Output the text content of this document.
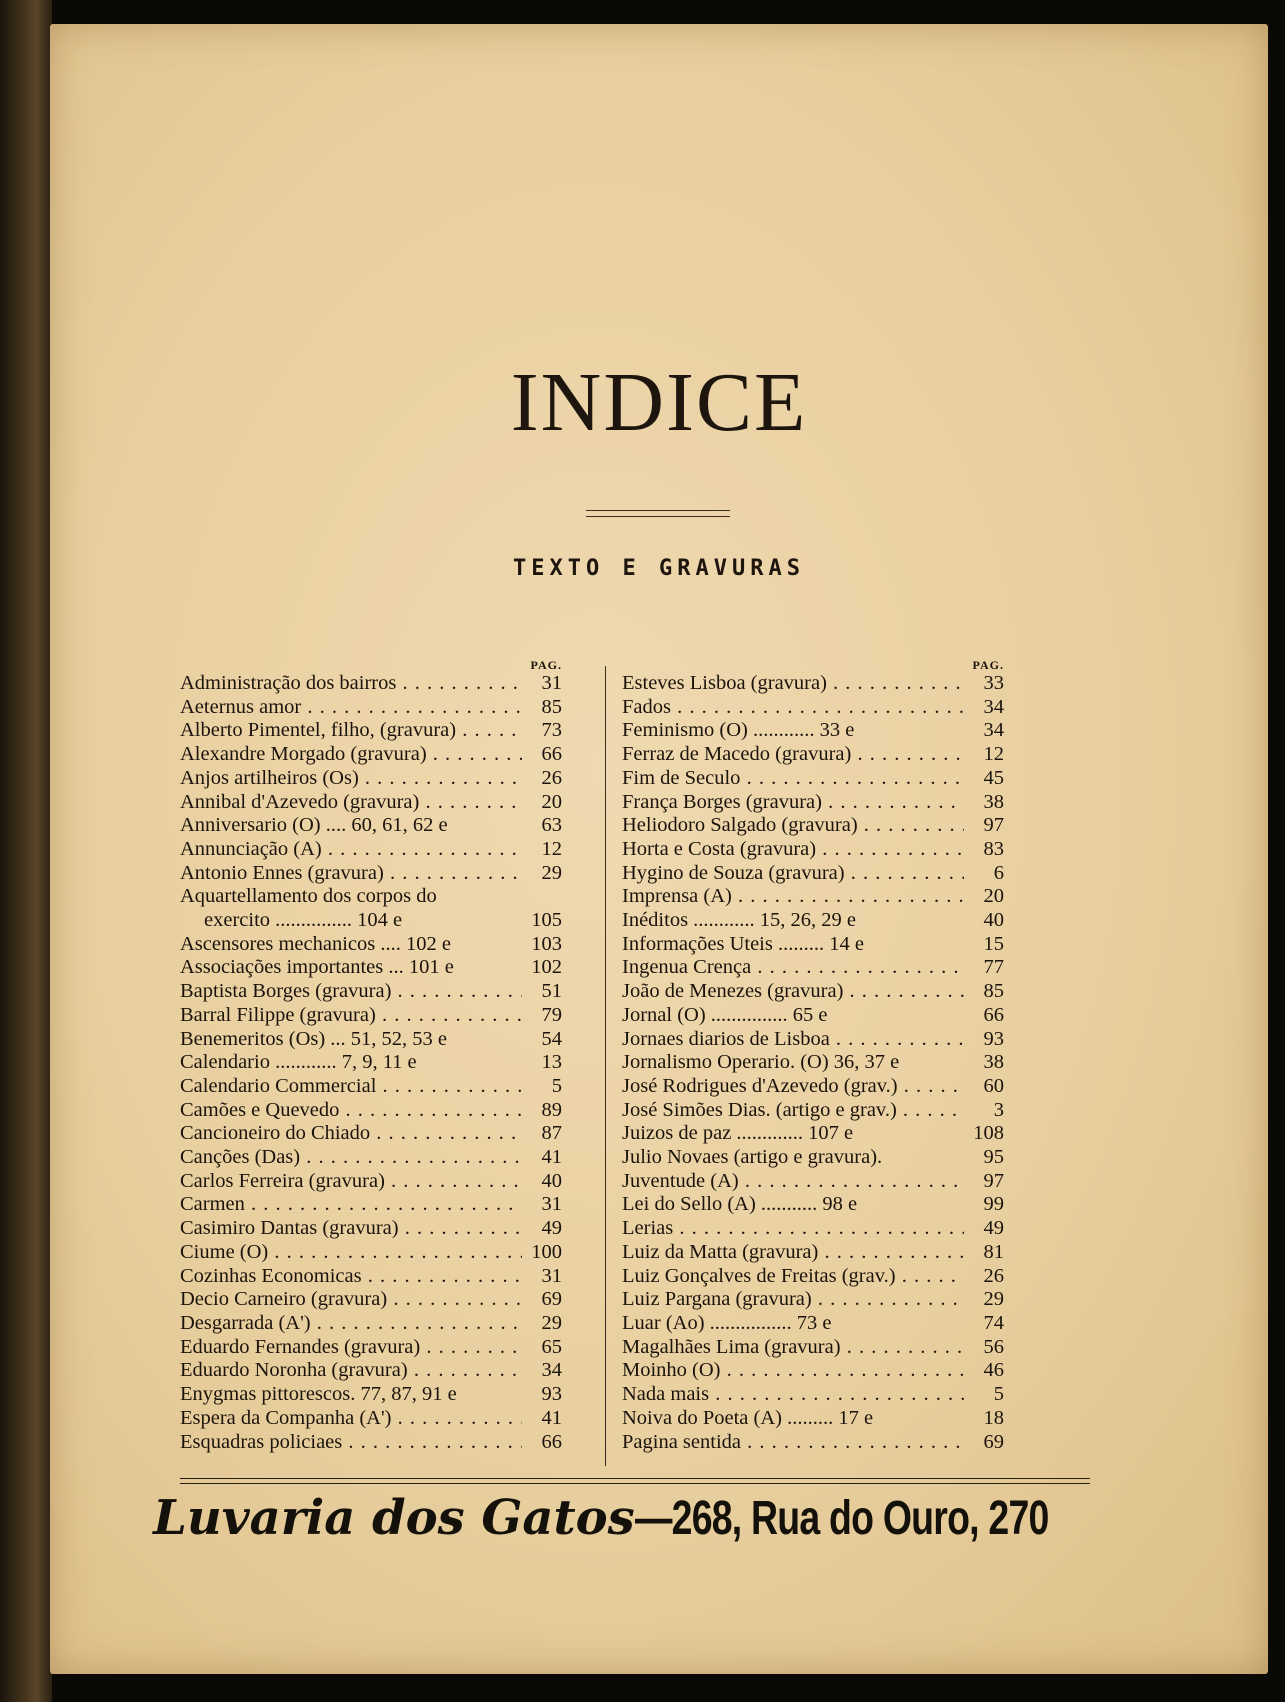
INDICE
TEXTO E GRAVURAS
PAG.
Administração dos bairros . . .	31
Aeternus amor . . .	85
Alberto Pimentel, filho, (gravura) . . .	73
Alexandre Morgado (gravura) . . .	66
Anjos artilheiros (Os) . . .	26
Annibal d'Azevedo (gravura) . . .	20
Anniversario (O) .... 60, 61, 62 e	63
Annunciação (A) . . .	12
Antonio Ennes (gravura) . . .	29
Aquartellamento dos corpos do
exercito ............... 104 e	105
Ascensores mechanicos .... 102 e	103
Associações importantes ... 101 e	102
Baptista Borges (gravura) . . .	51
Barral Filippe (gravura) . . .	79
Benemeritos (Os) ... 51, 52, 53 e	54
Calendario ............ 7, 9, 11 e	13
Calendario Commercial . . .	5
Camões e Quevedo . . .	89
Cancioneiro do Chiado . . .	87
Canções (Das) . . .	41
Carlos Ferreira (gravura) . . .	40
Carmen . . .	31
Casimiro Dantas (gravura) . . .	49
Ciume (O) . . .	100
Cozinhas Economicas . . .	31
Decio Carneiro (gravura) . . .	69
Desgarrada (A') . . .	29
Eduardo Fernandes (gravura) . . .	65
Eduardo Noronha (gravura) . . .	34
Enygmas pittorescos. 77, 87, 91 e	93
Espera da Companha (A') . . .	41
Esquadras policiaes . . .	66
PAG.
Esteves Lisboa (gravura) . . .	33
Fados . . .	34
Feminismo (O) ............ 33 e	34
Ferraz de Macedo (gravura) . . .	12
Fim de Seculo . . .	45
França Borges (gravura) . . .	38
Heliodoro Salgado (gravura) . . .	97
Horta e Costa (gravura) . . .	83
Hygino de Souza (gravura) . . .	6
Imprensa (A) . . .	20
Inéditos ............ 15, 26, 29 e	40
Informações Uteis ......... 14 e	15
Ingenua Crença . . .	77
João de Menezes (gravura) . . .	85
Jornal (O) ............... 65 e	66
Jornaes diarios de Lisboa . . .	93
Jornalismo Operario. (O) 36, 37 e	38
José Rodrigues d'Azevedo (grav.) . . .	60
José Simões Dias. (artigo e grav.) . . .	3
Juizos de paz ............. 107 e	108
Julio Novaes (artigo e gravura).	95
Juventude (A) . . .	97
Lei do Sello (A) ........... 98 e	99
Lerias . . .	49
Luiz da Matta (gravura) . . .	81
Luiz Gonçalves de Freitas (grav.) . . .	26
Luiz Pargana (gravura) . . .	29
Luar (Ao) ................ 73 e	74
Magalhães Lima (gravura) . . .	56
Moinho (O) . . .	46
Nada mais . . .	5
Noiva do Poeta (A) ......... 17 e	18
Pagina sentida . . .	69
Luvaria dos Gatos—268, Rua do Ouro, 270
